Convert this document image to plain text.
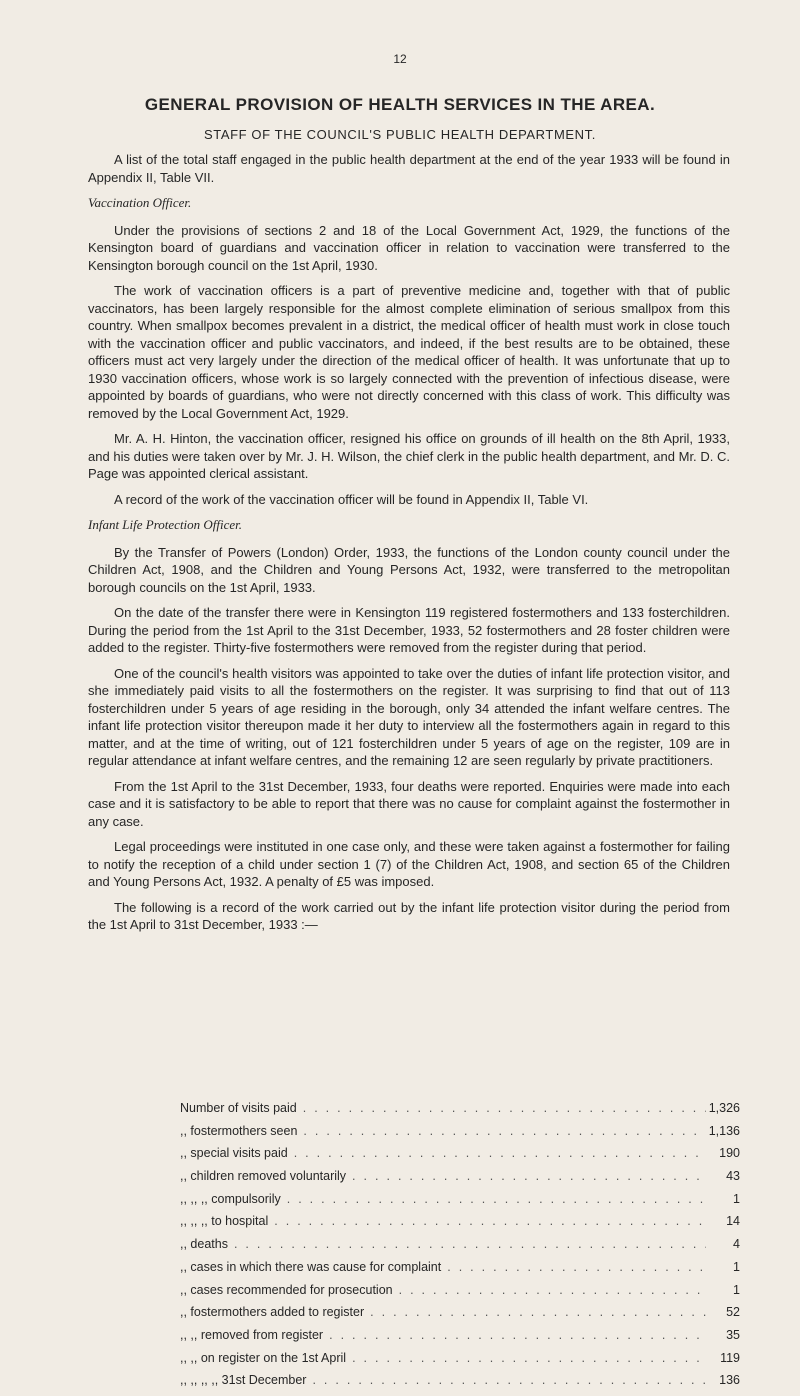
12
GENERAL PROVISION OF HEALTH SERVICES IN THE AREA.
STAFF OF THE COUNCIL'S PUBLIC HEALTH DEPARTMENT.

A list of the total staff engaged in the public health department at the end of the year 1933 will be found in Appendix II, Table VII.

Vaccination Officer.

Under the provisions of sections 2 and 18 of the Local Government Act, 1929, the functions of the Kensington board of guardians and vaccination officer in relation to vaccination were transferred to the Kensington borough council on the 1st April, 1930.

The work of vaccination officers is a part of preventive medicine and, together with that of public vaccinators, has been largely responsible for the almost complete elimination of serious smallpox from this country. When smallpox becomes prevalent in a district, the medical officer of health must work in close touch with the vaccination officer and public vaccinators, and indeed, if the best results are to be obtained, these officers must act very largely under the direction of the medical officer of health. It was unfortunate that up to 1930 vaccination officers, whose work is so largely connected with the prevention of infectious disease, were appointed by boards of guardians, who were not directly concerned with this class of work. This difficulty was removed by the Local Government Act, 1929.

Mr. A. H. Hinton, the vaccination officer, resigned his office on grounds of ill health on the 8th April, 1933, and his duties were taken over by Mr. J. H. Wilson, the chief clerk in the public health department, and Mr. D. C. Page was appointed clerical assistant.

A record of the work of the vaccination officer will be found in Appendix II, Table VI.

Infant Life Protection Officer.

By the Transfer of Powers (London) Order, 1933, the functions of the London county council under the Children Act, 1908, and the Children and Young Persons Act, 1932, were transferred to the metropolitan borough councils on the 1st April, 1933.

On the date of the transfer there were in Kensington 119 registered fostermothers and 133 fosterchildren. During the period from the 1st April to the 31st December, 1933, 52 fostermothers and 28 foster children were added to the register. Thirty-five fostermothers were removed from the register during that period.

One of the council's health visitors was appointed to take over the duties of infant life protection visitor, and she immediately paid visits to all the fostermothers on the register. It was surprising to find that out of 113 fosterchildren under 5 years of age residing in the borough, only 34 attended the infant welfare centres. The infant life protection visitor thereupon made it her duty to interview all the fostermothers again in regard to this matter, and at the time of writing, out of 121 fosterchildren under 5 years of age on the register, 109 are in regular attendance at infant welfare centres, and the remaining 12 are seen regularly by private practitioners.

From the 1st April to the 31st December, 1933, four deaths were reported. Enquiries were made into each case and it is satisfactory to be able to report that there was no cause for complaint against the fostermother in any case.

Legal proceedings were instituted in one case only, and these were taken against a fostermother for failing to notify the reception of a child under section 1 (7) of the Children Act, 1908, and section 65 of the Children and Young Persons Act, 1932. A penalty of £5 was imposed.

The following is a record of the work carried out by the infant life protection visitor during the period from the 1st April to 31st December, 1933 :—

Number of visits paid .....	1,326
,, fostermothers seen .....	1,136
,, special visits paid .....	190
,, children removed voluntarily .....	43
,, ,, ,, compulsorily .....	1
,, ,, ,, to hospital .....	14
,, deaths .....	4
,, cases in which there was cause for complaint .....	1
,, cases recommended for prosecution .....	1
,, fostermothers added to register .....	52
,, ,, removed from register .....	35
,, ,, on register on the 1st April .....	119
,, ,, ,, ,, 31st December .....	136
